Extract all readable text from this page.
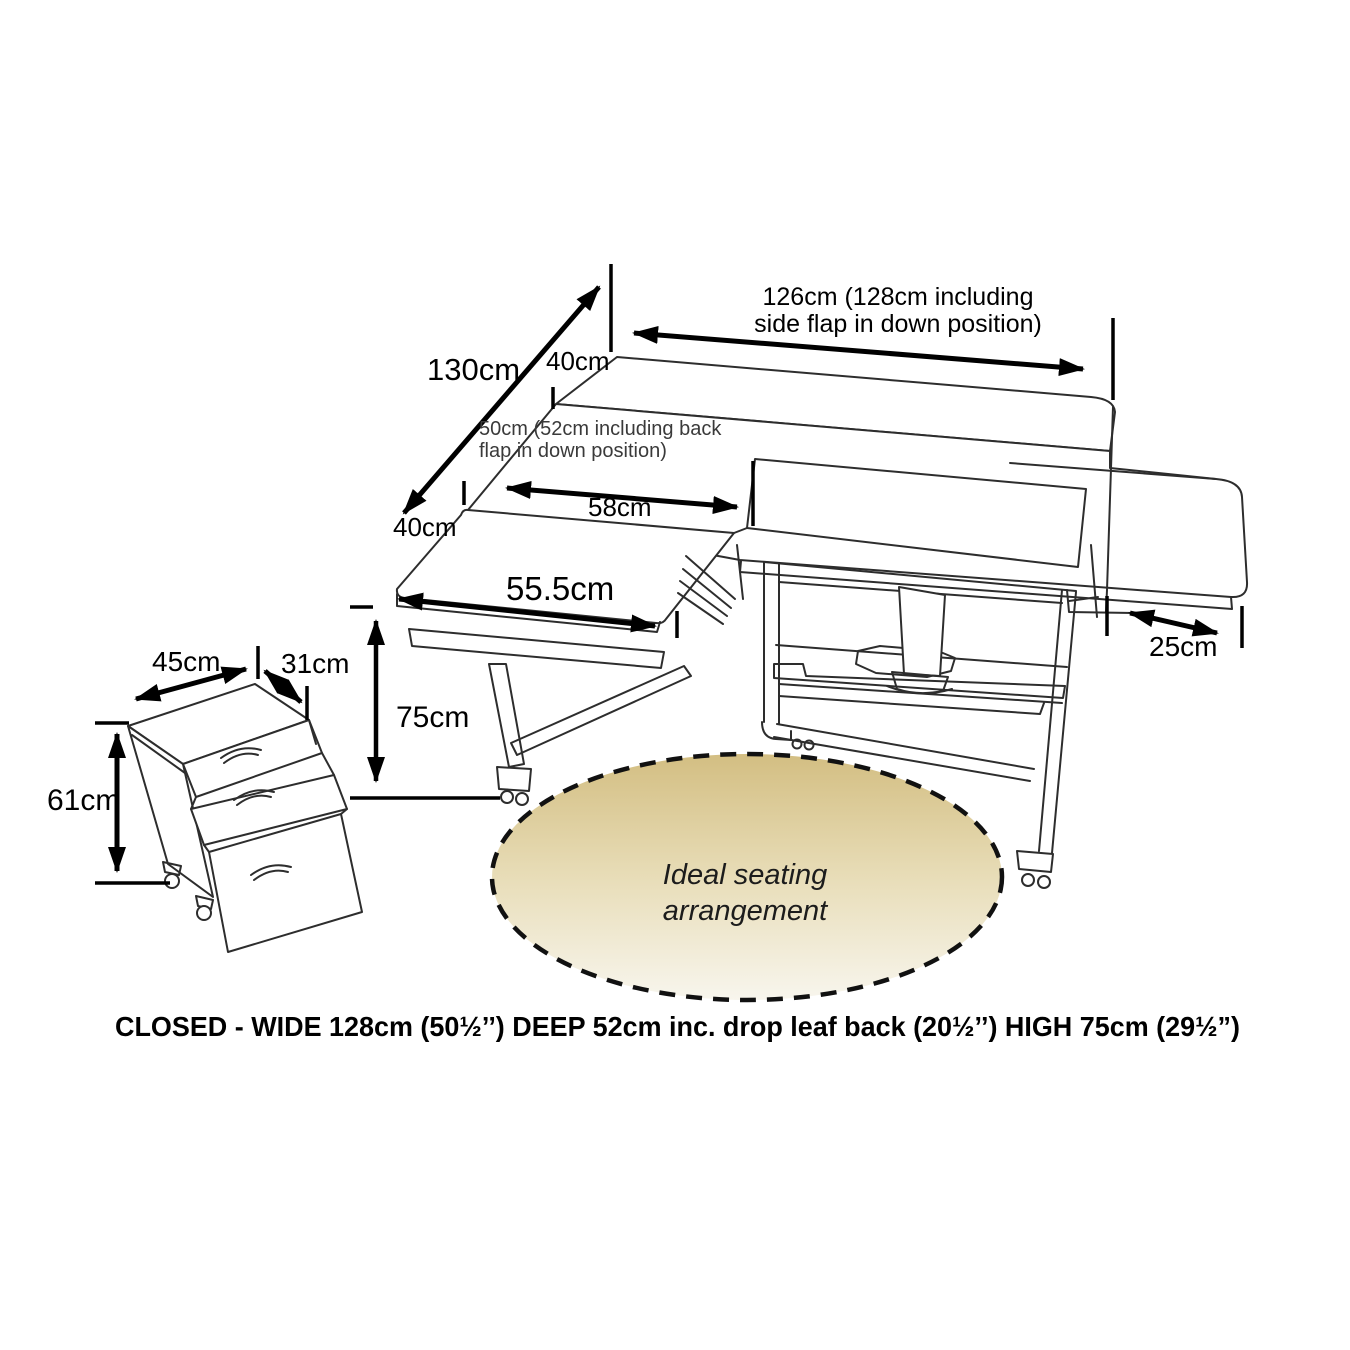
126cm (128cm including
side flap in down position)
130cm 40cm
50cm (52cm including back
flap in down position)
58cm
40cm
55.5cm
25cm
45cm 31cm
75cm
61cm
Ideal seating
arrangement
CLOSED - WIDE 128cm (50½’’) DEEP 52cm inc. drop leaf back (20½’’) HIGH 75cm (29½”)
